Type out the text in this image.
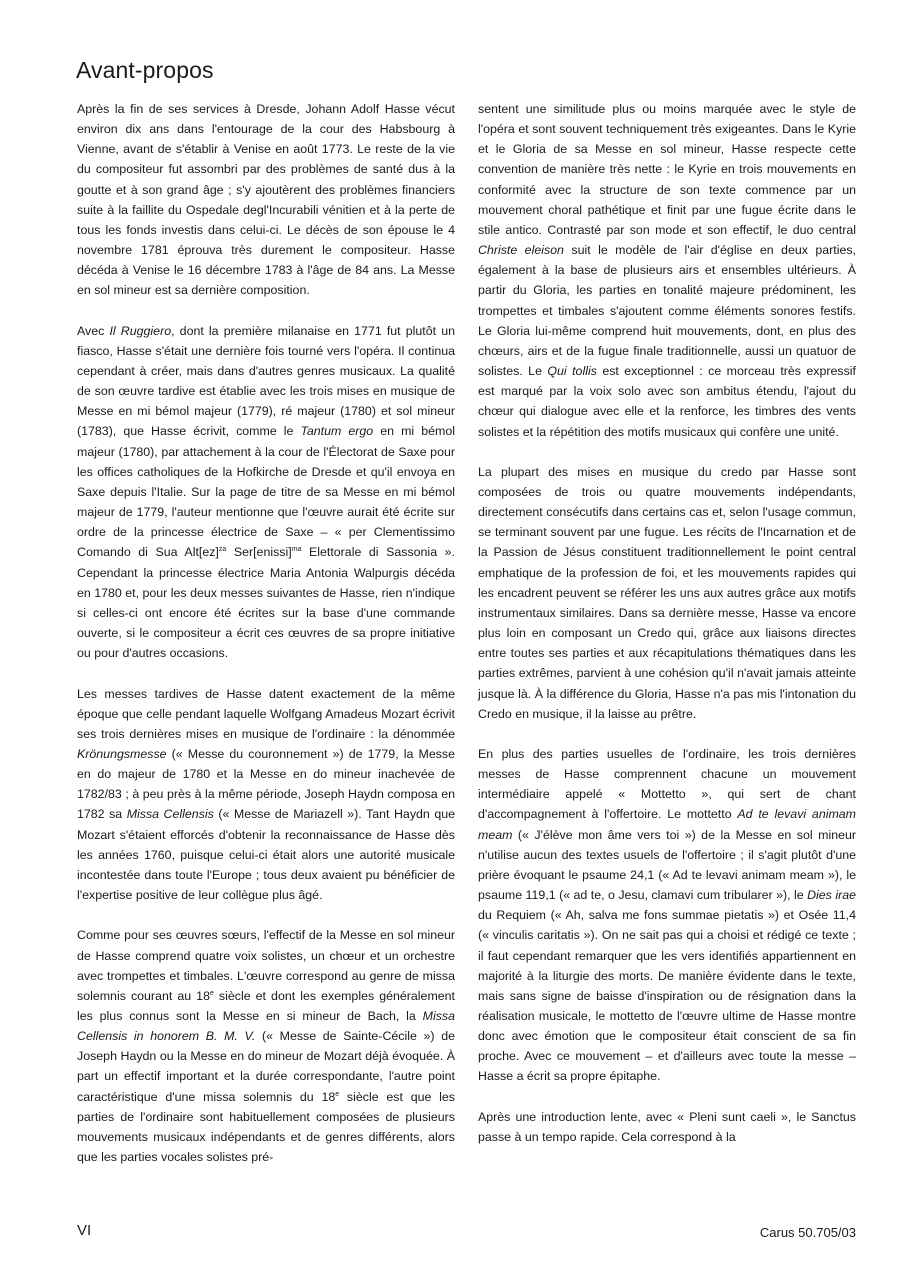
Avant-propos

Après la fin de ses services à Dresde, Johann Adolf Hasse vécut environ dix ans dans l'entourage de la cour des Habsbourg à Vienne, avant de s'établir à Venise en août 1773. Le reste de la vie du compositeur fut assombri par des problèmes de santé dus à la goutte et à son grand âge ; s'y ajoutèrent des problèmes financiers suite à la faillite du Ospedale degl'Incurabili vénitien et à la perte de tous les fonds investis dans celui-ci. Le décès de son épouse le 4 novembre 1781 éprouva très durement le compositeur. Hasse décéda à Venise le 16 décembre 1783 à l'âge de 84 ans. La Messe en sol mineur est sa dernière composition.

Avec Il Ruggiero, dont la première milanaise en 1771 fut plutôt un fiasco, Hasse s'était une dernière fois tourné vers l'opéra. Il continua cependant à créer, mais dans d'autres genres musicaux. La qualité de son œuvre tardive est établie avec les trois mises en musique de Messe en mi bémol majeur (1779), ré majeur (1780) et sol mineur (1783), que Hasse écrivit, comme le Tantum ergo en mi bémol majeur (1780), par attachement à la cour de l'Électorat de Saxe pour les offices catholiques de la Hofkirche de Dresde et qu'il envoya en Saxe depuis l'Italie. Sur la page de titre de sa Messe en mi bémol majeur de 1779, l'auteur mentionne que l'œuvre aurait été écrite sur ordre de la princesse électrice de Saxe – « per Clementissimo Comando di Sua Alt[ez]$^{za}$ Ser[enissi]$^{ma}$ Elettorale di Sassonia ». Cependant la princesse électrice Maria Antonia Walpurgis décéda en 1780 et, pour les deux messes suivantes de Hasse, rien n'indique si celles-ci ont encore été écrites sur la base d'une commande ouverte, si le compositeur a écrit ces œuvres de sa propre initiative ou pour d'autres occasions.

Les messes tardives de Hasse datent exactement de la même époque que celle pendant laquelle Wolfgang Amadeus Mozart écrivit ses trois dernières mises en musique de l'ordinaire : la dénommée Krönungsmesse (« Messe du couronnement ») de 1779, la Messe en do majeur de 1780 et la Messe en do mineur inachevée de 1782/83 ; à peu près à la même période, Joseph Haydn composa en 1782 sa Missa Cellensis (« Messe de Mariazell »). Tant Haydn que Mozart s'étaient efforcés d'obtenir la reconnaissance de Hasse dès les années 1760, puisque celui-ci était alors une autorité musicale incontestée dans toute l'Europe ; tous deux avaient pu bénéficier de l'expertise positive de leur collègue plus âgé.

Comme pour ses œuvres sœurs, l'effectif de la Messe en sol mineur de Hasse comprend quatre voix solistes, un chœur et un orchestre avec trompettes et timbales. L'œuvre correspond au genre de missa solemnis courant au 18e siècle et dont les exemples généralement les plus connus sont la Messe en si mineur de Bach, la Missa Cellensis in honorem B. M. V. (« Messe de Sainte-Cécile ») de Joseph Haydn ou la Messe en do mineur de Mozart déjà évoquée. À part un effectif important et la durée correspondante, l'autre point caractéristique d'une missa solemnis du 18e siècle est que les parties de l'ordinaire sont habituellement composées de plusieurs mouvements musicaux indépendants et de genres différents, alors que les parties vocales solistes pré-

sentent une similitude plus ou moins marquée avec le style de l'opéra et sont souvent techniquement très exigeantes. Dans le Kyrie et le Gloria de sa Messe en sol mineur, Hasse respecte cette convention de manière très nette : le Kyrie en trois mouvements en conformité avec la structure de son texte commence par un mouvement choral pathétique et finit par une fugue écrite dans le stile antico. Contrasté par son mode et son effectif, le duo central Christe eleison suit le modèle de l'air d'église en deux parties, également à la base de plusieurs airs et ensembles ultérieurs. À partir du Gloria, les parties en tonalité majeure prédominent, les trompettes et timbales s'ajoutent comme éléments sonores festifs. Le Gloria lui-même comprend huit mouvements, dont, en plus des chœurs, airs et de la fugue finale traditionnelle, aussi un quatuor de solistes. Le Qui tollis est exceptionnel : ce morceau très expressif est marqué par la voix solo avec son ambitus étendu, l'ajout du chœur qui dialogue avec elle et la renforce, les timbres des vents solistes et la répétition des motifs musicaux qui confère une unité.

La plupart des mises en musique du credo par Hasse sont composées de trois ou quatre mouvements indépendants, directement consécutifs dans certains cas et, selon l'usage commun, se terminant souvent par une fugue. Les récits de l'Incarnation et de la Passion de Jésus constituent traditionnellement le point central emphatique de la profession de foi, et les mouvements rapides qui les encadrent peuvent se référer les uns aux autres grâce aux motifs instrumentaux similaires. Dans sa dernière messe, Hasse va encore plus loin en composant un Credo qui, grâce aux liaisons directes entre toutes ses parties et aux récapitulations thématiques dans les parties extrêmes, parvient à une cohésion qu'il n'avait jamais atteinte jusque là. À la différence du Gloria, Hasse n'a pas mis l'intonation du Credo en musique, il la laisse au prêtre.

En plus des parties usuelles de l'ordinaire, les trois dernières messes de Hasse comprennent chacune un mouvement intermédiaire appelé « Mottetto », qui sert de chant d'accompagnement à l'offertoire. Le mottetto Ad te levavi animam meam (« J'élève mon âme vers toi ») de la Messe en sol mineur n'utilise aucun des textes usuels de l'offertoire ; il s'agit plutôt d'une prière évoquant le psaume 24,1 (« Ad te levavi animam meam »), le psaume 119,1 (« ad te, o Jesu, clamavi cum tribularer »), le Dies irae du Requiem (« Ah, salva me fons summae pietatis ») et Osée 11,4 (« vinculis caritatis »). On ne sait pas qui a choisi et rédigé ce texte ; il faut cependant remarquer que les vers identifiés appartiennent en majorité à la liturgie des morts. De manière évidente dans le texte, mais sans signe de baisse d'inspiration ou de résignation dans la réalisation musicale, le mottetto de l'œuvre ultime de Hasse montre donc avec émotion que le compositeur était conscient de sa fin proche. Avec ce mouvement – et d'ailleurs avec toute la messe – Hasse a écrit sa propre épitaphe.

Après une introduction lente, avec « Pleni sunt caeli », le Sanctus passe à un tempo rapide. Cela correspond à la

VI	Carus 50.705/03
